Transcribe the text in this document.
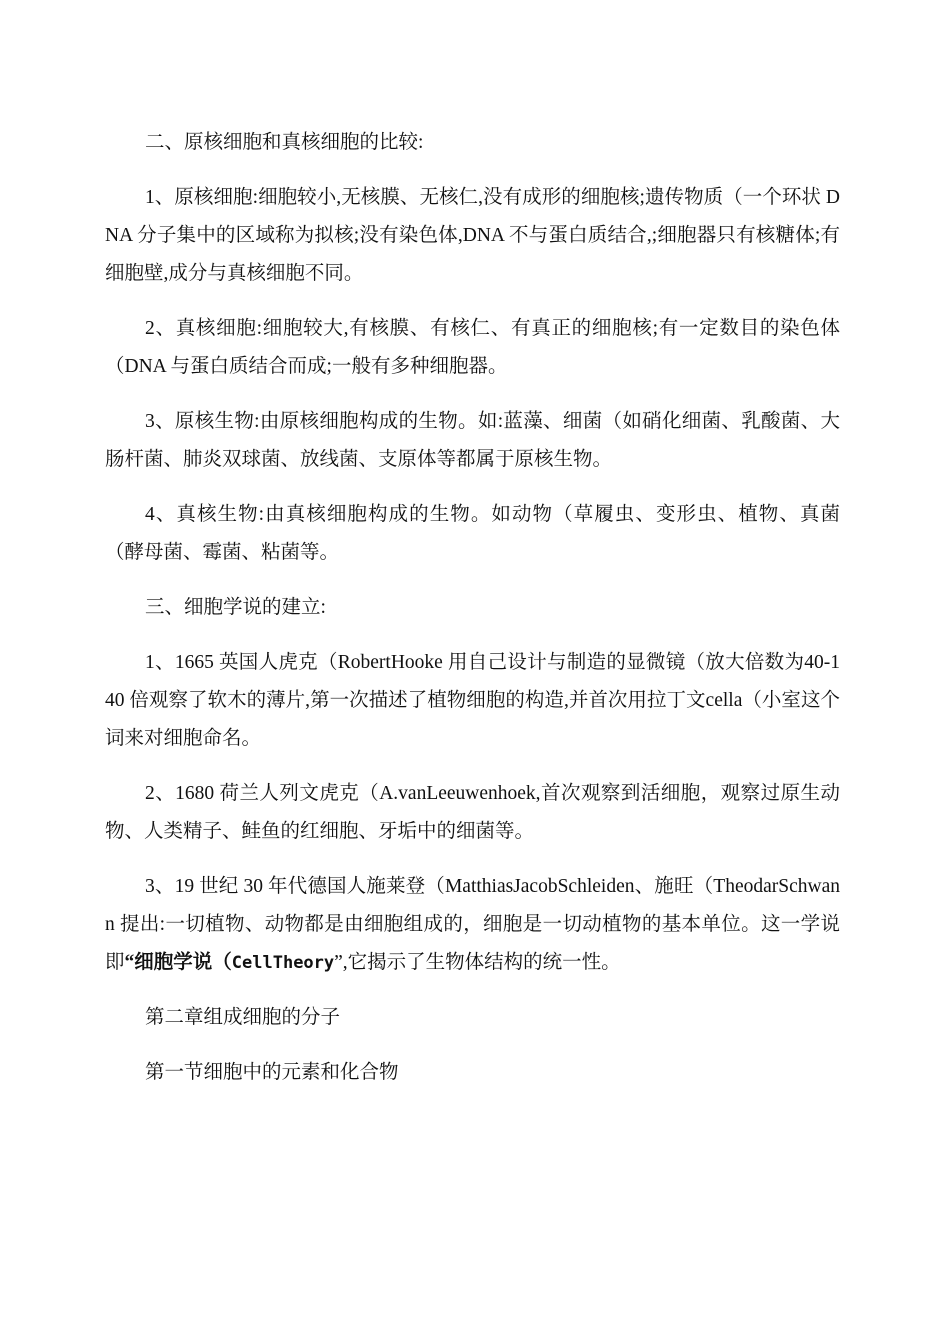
二、原核细胞和真核细胞的比较:

1、原核细胞:细胞较小,无核膜、无核仁,没有成形的细胞核;遗传物质（一个环状 DNA 分子集中的区域称为拟核;没有染色体,DNA 不与蛋白质结合,;细胞器只有核糖体;有细胞壁,成分与真核细胞不同。

2、真核细胞:细胞较大,有核膜、有核仁、有真正的细胞核;有一定数目的染色体（DNA 与蛋白质结合而成;一般有多种细胞器。

3、原核生物:由原核细胞构成的生物。如:蓝藻、细菌（如硝化细菌、乳酸菌、大肠杆菌、肺炎双球菌、放线菌、支原体等都属于原核生物。

4、真核生物:由真核细胞构成的生物。如动物（草履虫、变形虫、植物、真菌（酵母菌、霉菌、粘菌等。

三、细胞学说的建立:

1、1665 英国人虎克（RobertHooke 用自己设计与制造的显微镜（放大倍数为40-140 倍观察了软木的薄片,第一次描述了植物细胞的构造,并首次用拉丁文cella（小室这个词来对细胞命名。

2、1680 荷兰人列文虎克（A.vanLeeuwenhoek,首次观察到活细胞，观察过原生动物、人类精子、鲑鱼的红细胞、牙垢中的细菌等。

3、19 世纪 30 年代德国人施莱登（MatthiasJacobSchleiden、施旺（TheodarSchwann 提出:一切植物、动物都是由细胞组成的，细胞是一切动植物的基本单位。这一学说即“细胞学说（CellTheory”,它揭示了生物体结构的统一性。

第二章组成细胞的分子

第一节细胞中的元素和化合物
